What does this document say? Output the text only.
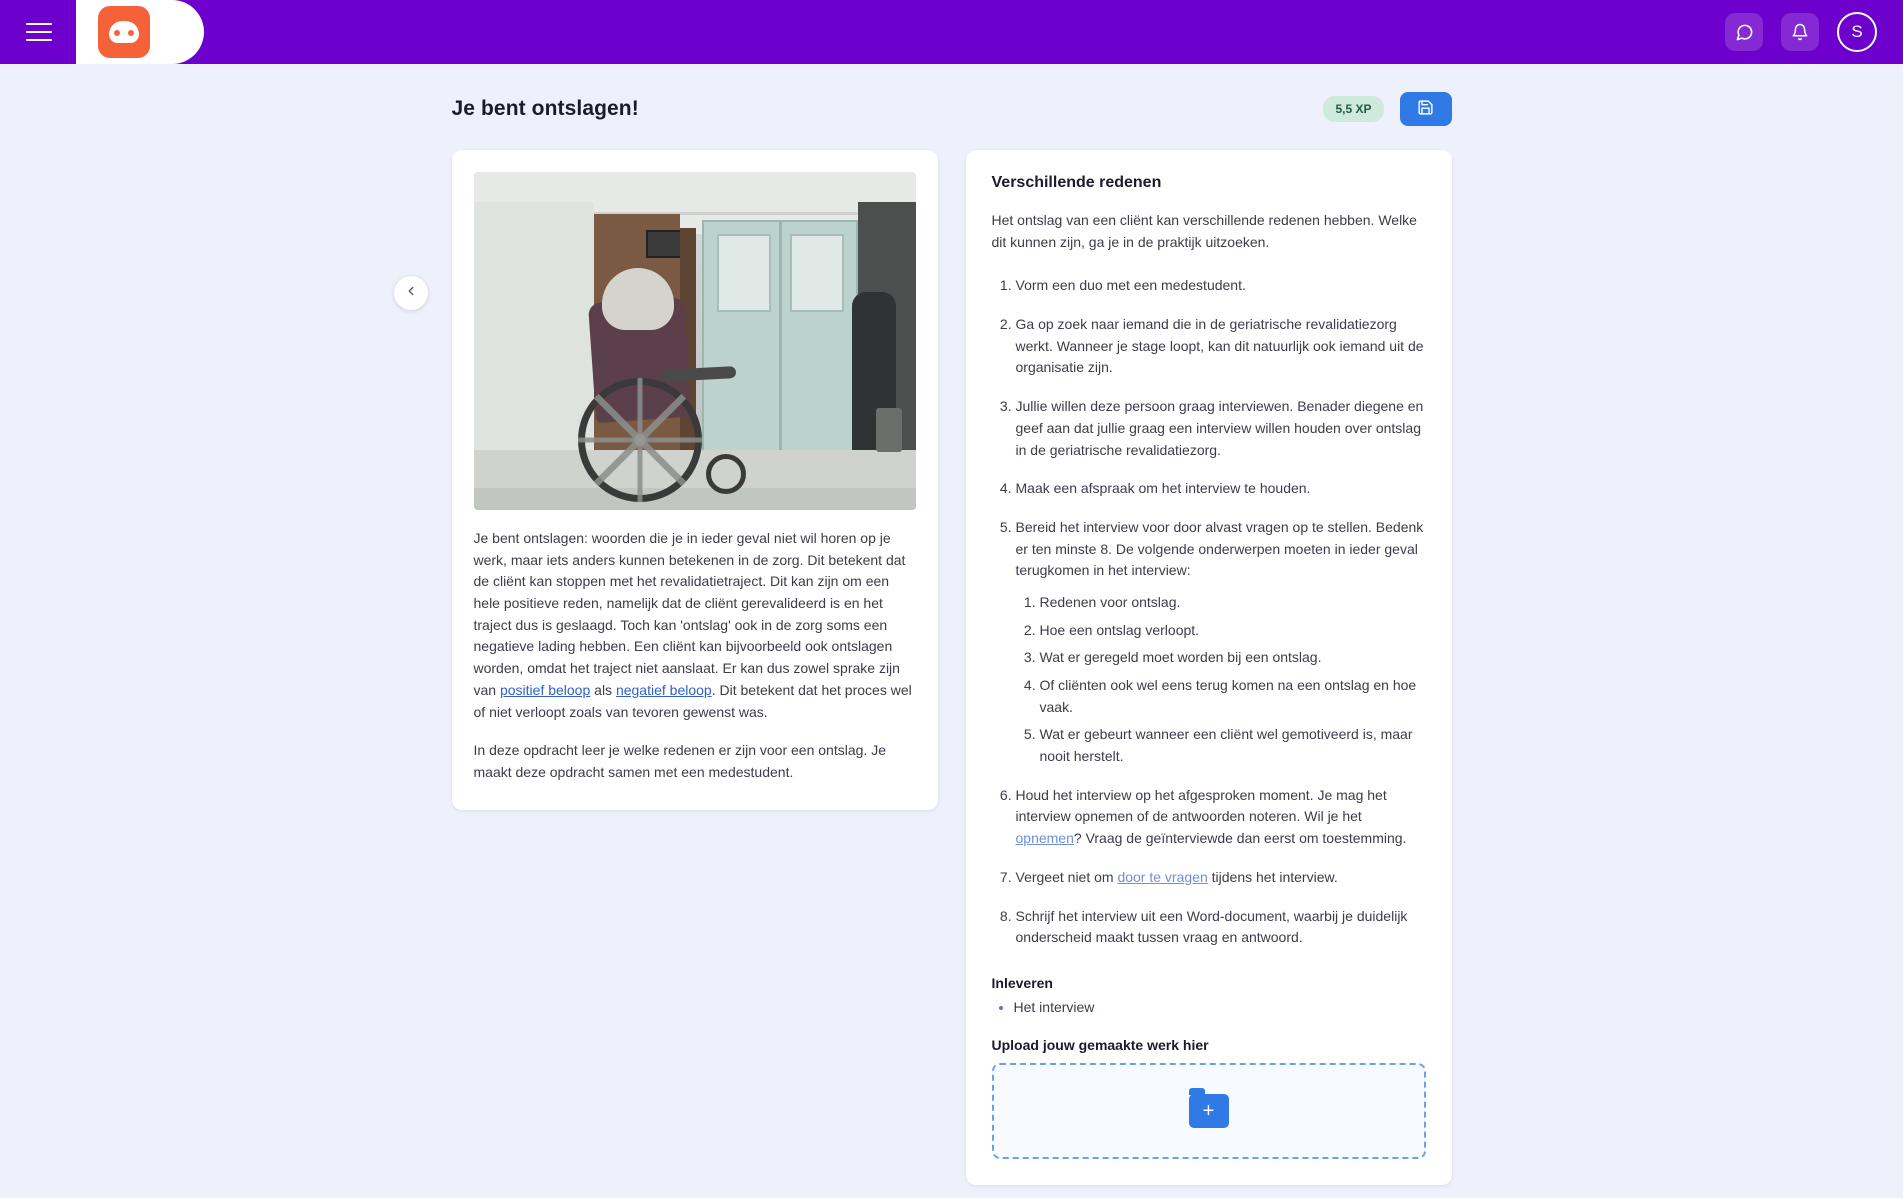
S
Je bent ontslagen!	5,5 XP

Je bent ontslagen: woorden die je in ieder geval niet wil horen op je werk, maar iets anders kunnen betekenen in de zorg. Dit betekent dat de cliënt kan stoppen met het revalidatietraject. Dit kan zijn om een hele positieve reden, namelijk dat de cliënt gerevalideerd is en het traject dus is geslaagd. Toch kan 'ontslag' ook in de zorg soms een negatieve lading hebben. Een cliënt kan bijvoorbeeld ook ontslagen worden, omdat het traject niet aanslaat. Er kan dus zowel sprake zijn van positief beloop als negatief beloop. Dit betekent dat het proces wel of niet verloopt zoals van tevoren gewenst was.

In deze opdracht leer je welke redenen er zijn voor een ontslag. Je maakt deze opdracht samen met een medestudent.

Verschillende redenen

Het ontslag van een cliënt kan verschillende redenen hebben. Welke dit kunnen zijn, ga je in de praktijk uitzoeken.

1. Vorm een duo met een medestudent.
2. Ga op zoek naar iemand die in de geriatrische revalidatiezorg werkt. Wanneer je stage loopt, kan dit natuurlijk ook iemand uit de organisatie zijn.
3. Jullie willen deze persoon graag interviewen. Benader diegene en geef aan dat jullie graag een interview willen houden over ontslag in de geriatrische revalidatiezorg.
4. Maak een afspraak om het interview te houden.
5. Bereid het interview voor door alvast vragen op te stellen. Bedenk er ten minste 8. De volgende onderwerpen moeten in ieder geval terugkomen in het interview:
1. Redenen voor ontslag.
2. Hoe een ontslag verloopt.
3. Wat er geregeld moet worden bij een ontslag.
4. Of cliënten ook wel eens terug komen na een ontslag en hoe vaak.
5. Wat er gebeurt wanneer een cliënt wel gemotiveerd is, maar nooit herstelt.
6. Houd het interview op het afgesproken moment. Je mag het interview opnemen of de antwoorden noteren. Wil je het opnemen? Vraag de geïnterviewde dan eerst om toestemming.
7. Vergeet niet om door te vragen tijdens het interview.
8. Schrijf het interview uit een Word-document, waarbij je duidelijk onderscheid maakt tussen vraag en antwoord.
Inleveren
• Het interview
Upload jouw gemaakte werk hier
+
